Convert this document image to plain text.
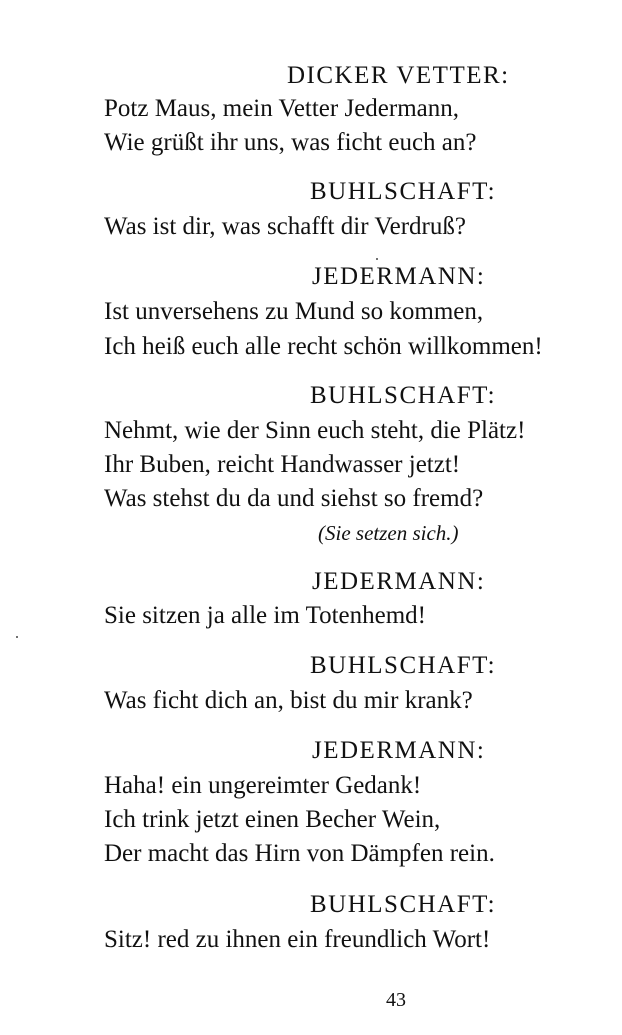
DICKER VETTER:
Potz Maus, mein Vetter Jedermann,
Wie grüßt ihr uns, was ficht euch an?
BUHLSCHAFT:
Was ist dir, was schafft dir Verdruß?
JEDERMANN:
Ist unversehens zu Mund so kommen,
Ich heiß euch alle recht schön willkommen!
BUHLSCHAFT:
Nehmt, wie der Sinn euch steht, die Plätz!
Ihr Buben, reicht Handwasser jetzt!
Was stehst du da und siehst so fremd?
(Sie setzen sich.)
JEDERMANN:
Sie sitzen ja alle im Totenhemd!
BUHLSCHAFT:
Was ficht dich an, bist du mir krank?
JEDERMANN:
Haha! ein ungereimter Gedank!
Ich trink jetzt einen Becher Wein,
Der macht das Hirn von Dämpfen rein.
BUHLSCHAFT:
Sitz! red zu ihnen ein freundlich Wort!
43
